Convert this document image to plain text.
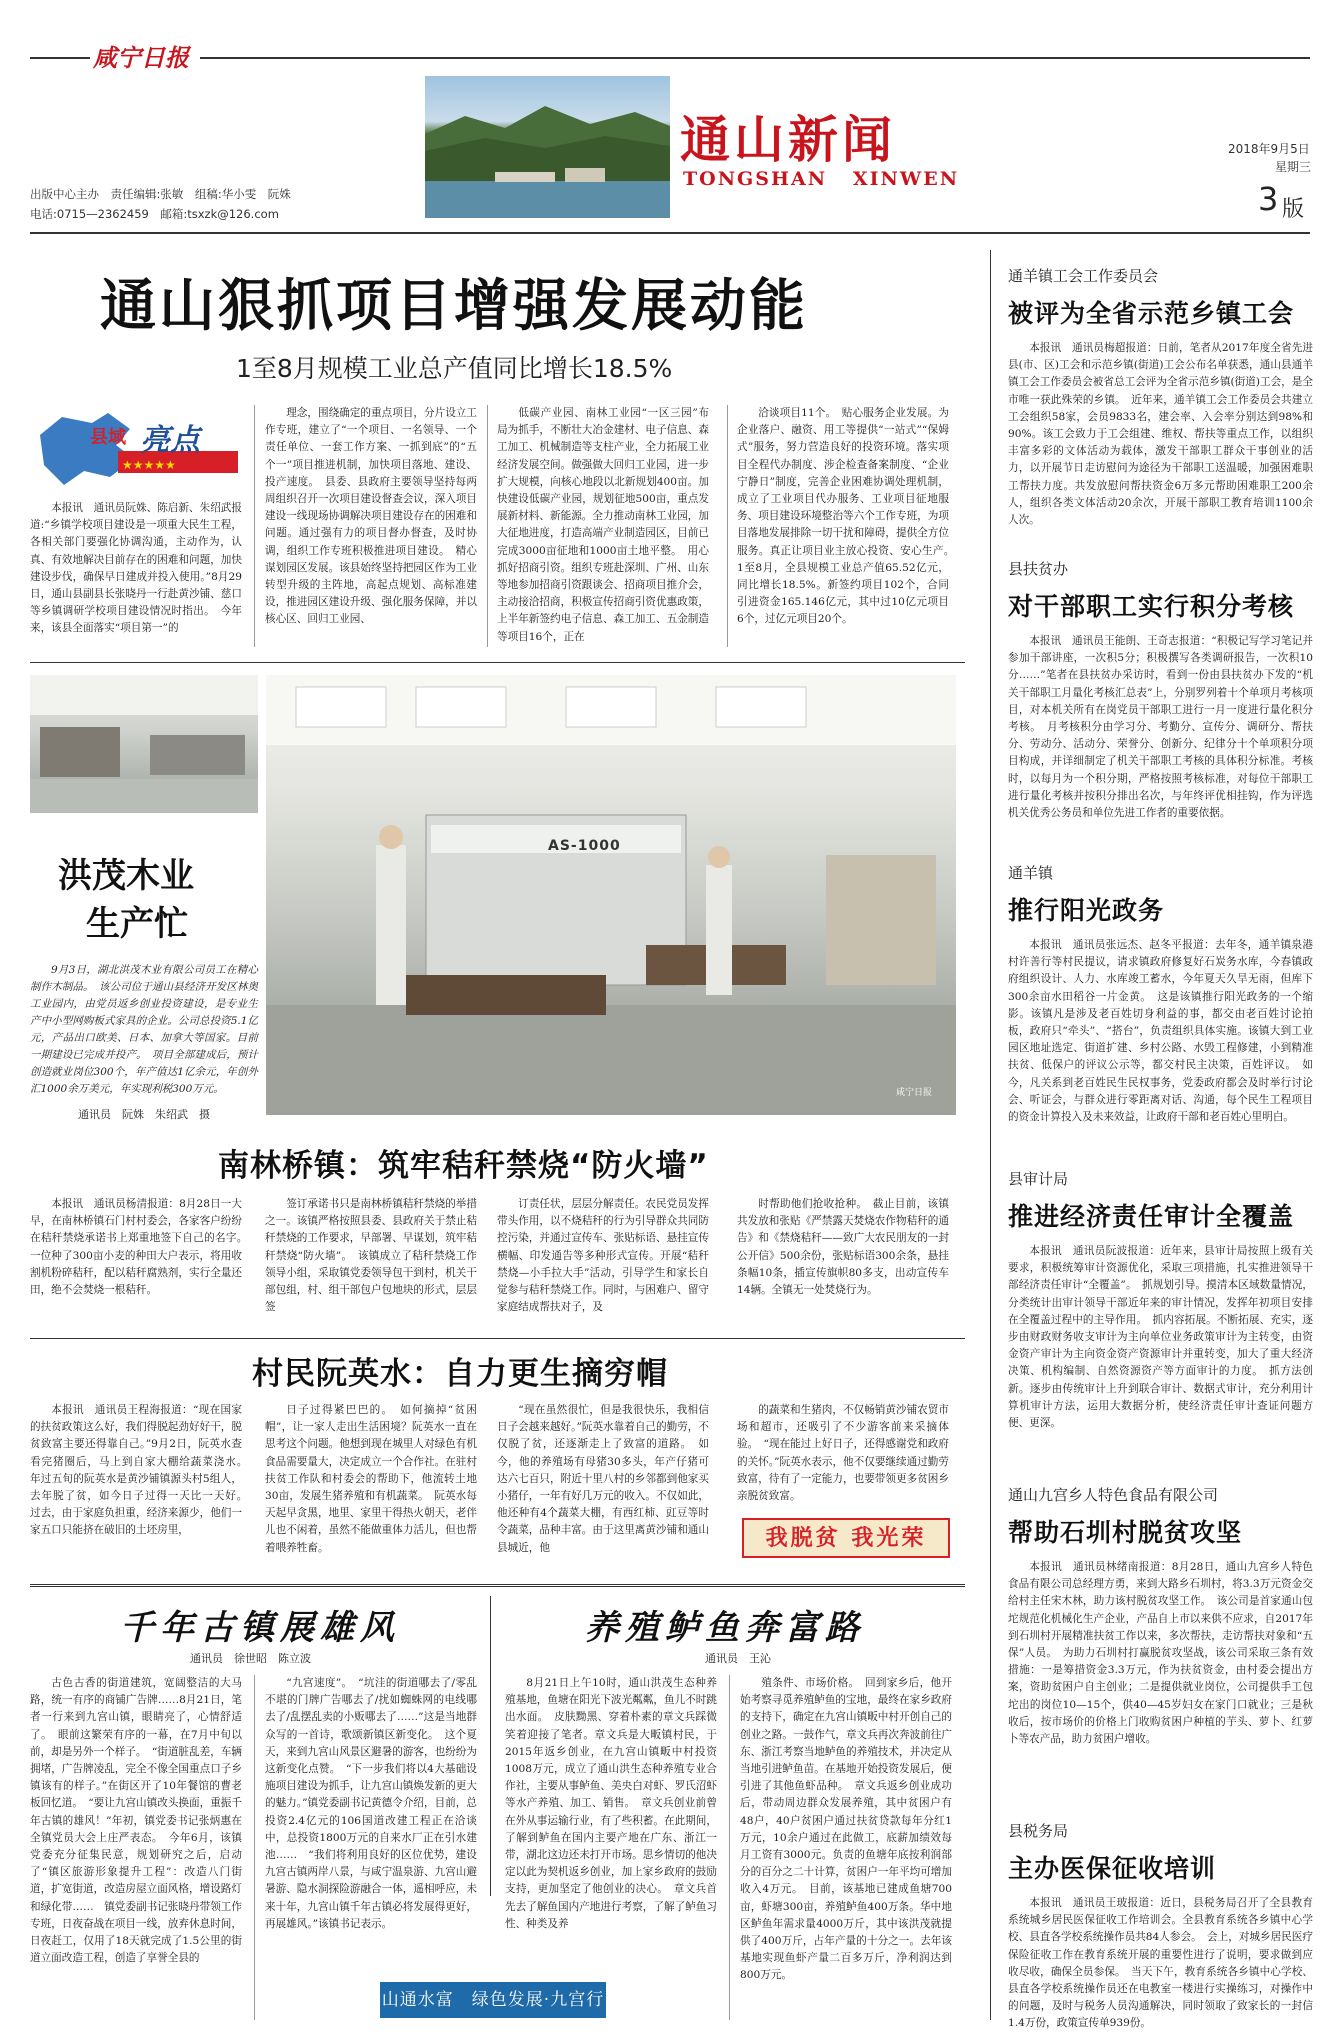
咸宁日报
通山新闻
TONGSHAN   XINWEN
2018年9月5日
星期三
3 版
出版中心主办　责任编辑:张敏　组稿:华小雯　阮姝
电话:0715—2362459　邮箱:tsxzk@126.com
通山狠抓项目增强发展动能
1至8月规模工业总产值同比增长18.5%
★★★★★
县域 亮点

本报讯　通讯员阮姝、陈启新、朱绍武报道:“乡镇学校项目建设是一项重大民生工程，各相关部门要强化协调沟通，主动作为，认真、有效地解决目前存在的困难和问题，加快建设步伐，确保早日建成并投入使用。”8月29日，通山县副县长张晓丹一行赴黄沙铺、慈口等乡镇调研学校项目建设情况时指出。　今年来，该县全面落实“项目第一”的

理念，围绕确定的重点项目，分片设立工作专班，建立了“一个项目、一名领导、一个责任单位、一套工作方案、一抓到底”的“五个一”项目推进机制，加快项目落地、建设、投产速度。　县委、县政府主要领导坚持每两周组织召开一次项目建设督查会议，深入项目建设一线现场协调解决项目建设存在的困难和问题。通过强有力的项目督办督查，及时协调，组织工作专班积极推进项目建设。　精心谋划园区发展。该县始终坚持把园区作为工业转型升级的主阵地，高起点规划、高标准建设，推进园区建设升级、强化服务保障，并以核心区、回归工业园、

低碳产业园、南林工业园“一区三园”布局为抓手，不断壮大冶金建材、电子信息、森工加工、机械制造等支柱产业，全力拓展工业经济发展空间。做强做大回归工业园，进一步扩大规模，向核心地段以北新规划400亩。加快建设低碳产业园，规划征地500亩，重点发展新材料、新能源。全力推动南林工业园，加大征地进度，打造高端产业制造园区，目前已完成3000亩征地和1000亩土地平整。　用心抓好招商引资。组织专班赴深圳、广州、山东等地参加招商引资跟谈会、招商项目推介会，主动接洽招商，积极宣传招商引资优惠政策，上半年新签约电子信息、森工加工、五金制造等项目16个，正在

洽谈项目11个。　贴心服务企业发展。为企业落户、融资、用工等提供“一站式”“保姆式”服务，努力营造良好的投资环境。落实项目全程代办制度、涉企检查备案制度、“企业宁静日”制度，完善企业困难协调处理机制，成立了工业项目代办服务、工业项目征地服务、项目建设环境整治等六个工作专班，为项目落地发展排除一切干扰和障碍，提供全方位服务。真正让项目业主放心投资、安心生产。　1至8月，全县规模工业总产值65.52亿元，同比增长18.5%。新签约项目102个，合同引进资金165.146亿元，其中过10亿元项目6个，过亿元项目20个。

洪茂木业
生产忙

9月3日，湖北洪茂木业有限公司员工在精心制作木制品。　该公司位于通山县经济开发区林奥工业园内，由党员返乡创业投资建设，是专业生产中小型网购板式家具的企业。公司总投资5.1亿元，产品出口欧美、日本、加拿大等国家。目前一期建设已完成并投产。　项目全部建成后，预计创造就业岗位300个，年产值达1亿余元，年创外汇1000余万美元，年实现利税300万元。

通讯员　阮姝　朱绍武　摄
AS-1000
咸宁日报
南林桥镇：筑牢秸秆禁烧“防火墙”

本报讯　通讯员杨清报道：8月28日一大早，在南林桥镇石门村村委会，各家客户纷纷在秸秆禁烧承诺书上郑重地签下自己的名字。　一位种了300亩小麦的种田大户表示，将用收割机粉碎秸秆，配以秸秆腐熟剂，实行全量还田，绝不会焚烧一根秸秆。

签订承诺书只是南林桥镇秸秆禁烧的举措之一。该镇严格按照县委、县政府关于禁止秸秆禁烧的工作要求，早部署、早谋划，筑牢秸秆禁烧“防火墙”。　该镇成立了秸秆禁烧工作领导小组，采取镇党委领导包干到村，机关干部包组，村、组干部包户包地块的形式，层层签

订责任状，层层分解责任。农民党员发挥带头作用，以不烧秸秆的行为引导群众共同防控污染，并通过宣传车、张贴标语、悬挂宣传横幅、印发通告等多种形式宣传。开展“秸秆禁烧—小手拉大手”活动，引导学生和家长自觉参与秸秆禁烧工作。同时，与困难户、留守家庭结成帮扶对子，及

时帮助他们抢收抢种。　截止目前，该镇共发放和张贴《严禁露天焚烧农作物秸秆的通告》和《禁烧秸秆——致广大农民朋友的一封公开信》500余份，张贴标语300余条，悬挂条幅10条，插宣传旗帜80多支，出动宣传车14辆。全镇无一处焚烧行为。

村民阮英水：自力更生摘穷帽

本报讯　通讯员王程海报道：“现在国家的扶贫政策这么好，我们得脱起劲好好干，脱贫致富主要还得靠自己。”9月2日，阮英水查看完猪圈后，马上到自家大棚给蔬菜浇水。　年过五旬的阮英水是黄沙铺镇源头村5组人，去年脱了贫，如今日子过得一天比一天好。　过去，由于家庭负担重，经济来源少，他们一家五口只能挤在破旧的土坯房里，

日子过得紧巴巴的。　如何摘掉“贫困帽”，让一家人走出生活困境？阮英水一直在思考这个问题。他想到现在城里人对绿色有机食品需要量大，决定成立一个合作社。在驻村扶贫工作队和村委会的帮助下，他流转土地30亩，发展生猪养殖和有机蔬菜。　阮英水每天起早贪黑，地里、家里干得热火朝天，老伴儿也不闲着，虽然不能做重体力活儿，但也帮着喂养牲畜。

“现在虽然很忙，但是我很快乐，我相信日子会越来越好。”阮英水靠着自己的勤劳，不仅脱了贫，还逐渐走上了致富的道路。　如今，他的养殖场有母猪30多头，年产仔猪可达六七百只，附近十里八村的乡邻都到他家买小猪仔，一年有好几万元的收入。不仅如此，他还种有4个蔬菜大棚，有西红柿、豇豆等时令蔬菜，品种丰富。由于这里离黄沙铺和通山县城近，他

的蔬菜和生猪肉，不仅畅销黄沙铺农贸市场和超市，还吸引了不少游客前来采摘体验。　“现在能过上好日子，还得感谢党和政府的关怀。”阮英水表示，他不仅要继续通过勤劳致富，待有了一定能力，也要带领更多贫困乡亲脱贫致富。

我脱贫 我光荣
千年古镇展雄风
通讯员　徐世昭　陈立波

古色古香的街道建筑，宽阔整洁的大马路，统一有序的商铺广告牌……8月21日，笔者一行来到九宫山镇，眼睛亮了，心情舒适了。　眼前这繁荣有序的一幕，在7月中旬以前，却是另外一个样子。　“街道脏乱差，车辆拥堵，广告牌凌乱，完全不像全国重点口子乡镇该有的样子。”在街区开了10年餐馆的曹老板回忆道。　“要让九宫山镇改头换面，重振千年古镇的雄风！”年初，镇党委书记张炳惠在全镇党员大会上庄严表态。　今年6月，该镇党委充分征集民意，规划研究之后，启动了“镇区旅游形象提升工程”：改造八门街道，扩宽街道，改造房屋立面风格，增设路灯和绿化带……　镇党委副书记张晓丹带领工作专班，日夜奋战在项目一线，放弃休息时间，日夜赶工，仅用了18天就完成了1.5公里的街道立面改造工程，创造了享誉全县的

“九宫速度”。　“坑洼的街道哪去了/零乱不堪的门牌广告哪去了/扰如蜘蛛网的电线哪去了/乱摆乱卖的小贩哪去了……”这是当地群众写的一首诗，歌颂新镇区新变化。　这个夏天，来到九宫山风景区避暑的游客，也纷纷为这新变化点赞。　“下一步我们将以4大基础设施项目建设为抓手，让九宫山镇焕发新的更大的魅力。”镇党委副书记黄德令介绍，目前，总投资2.4亿元的106国道改建工程正在洽谈中，总投资1800万元的自来水厂正在引水建池……　“我们将利用良好的区位优势，建设九宫古镇两岸八景，与咸宁温泉游、九宫山避暑游、隐水洞探险游融合一体，遥相呼应，未来十年，九宫山镇千年古镇必将发展得更好，再展雄风。”该镇书记表示。

山通水富　绿色发展·九宫行
养殖鲈鱼奔富路
通讯员　王沁

8月21日上午10时，通山洪茂生态种养殖基地，鱼塘在阳光下波光粼粼，鱼儿不时跳出水面。　皮肤黝黑、穿着朴素的章文兵踩微笑着迎接了笔者。章文兵是大畈镇村民，于2015年返乡创业，在九宫山镇畈中村投资1008万元，成立了通山洪生态种养殖专业合作社，主要从事鲈鱼、美央白对虾、罗氏沼虾等水产养殖、加工、销售。　章文兵创业前曾在外从事运输行业，有了些积蓄。在此期间，了解到鲈鱼在国内主要产地在广东、浙江一带，湖北这边还未打开市场。思乡情切的他决定以此为契机返乡创业，加上家乡政府的鼓励支持，更加坚定了他创业的决心。　章文兵首先去了解鱼国内产地进行考察，了解了鲈鱼习性、种类及养

殖条件、市场价格。　回到家乡后，他开始考察寻觅养殖鲈鱼的宝地，最终在家乡政府的支持下，确定在九宫山镇畈中村开创自己的创业之路。一鼓作气，章文兵再次奔波前往广东、浙江考察当地鲈鱼的养殖技术，并决定从当地引进鲈鱼苗。在基地开始投资发展后，便引进了其他鱼虾品种。　章文兵返乡创业成功后，带动周边群众发展养殖，其中贫困户有48户，40户贫困户通过扶贫贷款每年分红1万元，10余户通过在此做工，底薪加绩效每月工资有3000元。负责的鱼塘年底按利润部分的百分之二十计算，贫困户一年平均可增加收入4万元。　目前，该基地已建成鱼塘700亩，虾塘300亩，养殖鲈鱼400万条。华中地区鲈鱼年需求量4000万斤，其中该洪茂就提供了400万斤，占年产量的十分之一。去年该基地实现鱼虾产量二百多万斤，净利润达到800万元。

通羊镇工会工作委员会
被评为全省示范乡镇工会

本报讯　通讯员梅超报道：日前，笔者从2017年度全省先进县(市、区)工会和示范乡镇(街道)工会公布名单获悉，通山县通羊镇工会工作委员会被省总工会评为全省示范乡镇(街道)工会，是全市唯一获此殊荣的乡镇。　近年来，通羊镇工会工作委员会共建立工会组织58家，会员9833名，建会率、入会率分别达到98%和90%。该工会致力于工会组建、维权、帮扶等重点工作，以组织丰富多彩的文体活动为载体，激发干部职工群众干事创业的活力，以开展节日走访慰问为途径为干部职工送温暖，加强困难职工帮扶力度。共发放慰问帮扶资金6万多元帮助困难职工200余人，组织各类文体活动20余次，开展干部职工教育培训1100余人次。

县扶贫办
对干部职工实行积分考核

本报讯　通讯员王能朗、王奇志报道：“积极记写学习笔记并参加干部讲座，一次积5分；积极撰写各类调研报告，一次积10分……”笔者在县扶贫办采访时，看到一份由县扶贫办下发的“机关干部职工月量化考核汇总表”上，分别罗列着十个单项月考核项目，对本机关所有在岗党员干部职工进行一月一度进行量化积分考核。　月考核积分由学习分、考勤分、宣传分、调研分、帮扶分、劳动分、活动分、荣誉分、创新分、纪律分十个单项积分项目构成，并详细制定了机关干部职工考核的具体积分标准。考核时，以每月为一个积分期，严格按照考核标准，对每位干部职工进行量化考核并按积分排出名次，与年终评优相挂钩，作为评选机关优秀公务员和单位先进工作者的重要依据。

通羊镇
推行阳光政务

本报讯　通讯员张远杰、赵冬平报道：去年冬，通羊镇泉港村许善行等村民提议，请求镇政府修复好石炭务水库，今春镇政府组织设计、人力、水库竣工蓄水，今年夏天久旱无雨，但库下300余亩水田稻谷一片金黄。　这是该镇推行阳光政务的一个缩影。该镇凡是涉及老百姓切身利益的事，都交由老百姓讨论拍板，政府只“牵头”、“搭台”，负责组织具体实施。该镇大到工业园区地址选定、街道扩建、乡村公路、水毁工程修建，小到精准扶贫、低保户的评议公示等，都交村民主决策，百姓评议。　如今，凡关系到老百姓民生民权事务，党委政府都会及时举行讨论会、听证会，与群众进行零距离对话、沟通，每个民生工程项目的资金计算投入及未来效益，让政府干部和老百姓心里明白。

县审计局
推进经济责任审计全覆盖

本报讯　通讯员阮波报道：近年来，县审计局按照上级有关要求，积极统筹审计资源优化，采取三项措施，扎实推进领导干部经济责任审计“全覆盖”。　抓规划引导。摸清本区域数量情况，分类统计出审计领导干部近年来的审计情况，发挥年初项目安排在全覆盖过程中的主导作用。　抓内容拓展。不断拓展、充实，逐步由财政财务收支审计为主向单位业务政策审计为主转变，由资金资产审计为主向资金资产资源审计并重转变，加大了重大经济决策、机构编制、自然资源资产等方面审计的力度。　抓方法创新。逐步由传统审计上升到联合审计、数据式审计，充分利用计算机审计方法，运用大数据分析，使经济责任审计查证问题方便、更深。

通山九宫乡人特色食品有限公司
帮助石圳村脱贫攻坚

本报讯　通讯员林绪南报道：8月28日，通山九宫乡人特色食品有限公司总经理方勇，来到大路乡石圳村，将3.3万元资金交给村主任宋木林，助力该村脱贫攻坚工作。　该公司是首家通山包坨规范化机械化生产企业，产品自上市以来供不应求，自2017年到石圳村开展精准扶贫工作以来，多次帮扶，走访帮扶对象和“五保”人员。　为助力石圳村打赢脱贫攻坚战，该公司采取三条有效措施：一是筹措资金3.3万元，作为扶贫资金，由村委会提出方案，资助贫困户自主创业；二是提供就业岗位，公司提供手工包坨出的岗位10—15个，供40—45岁妇女在家门口就业；三是秋收后，按市场价的价格上门收购贫困户种植的芋头、萝卜、红萝卜等农产品，助力贫困户增收。

县税务局
主办医保征收培训

本报讯　通讯员王玻报道：近日，县税务局召开了全县教育系统城乡居民医保征收工作培训会。全县教育系统各乡镇中心学校、县直各学校系统操作员共84人参会。　会上，对城乡居民医疗保险征收工作在教育系统开展的重要性进行了说明，要求做到应收尽收，确保全员参保。　当天下午，教育系统各乡镇中心学校、县直各学校系统操作员还在电教室一楼进行实操练习，对操作中的问题，及时与税务人员沟通解决，同时领取了致家长的一封信1.4万份，政策宣传单939份。
